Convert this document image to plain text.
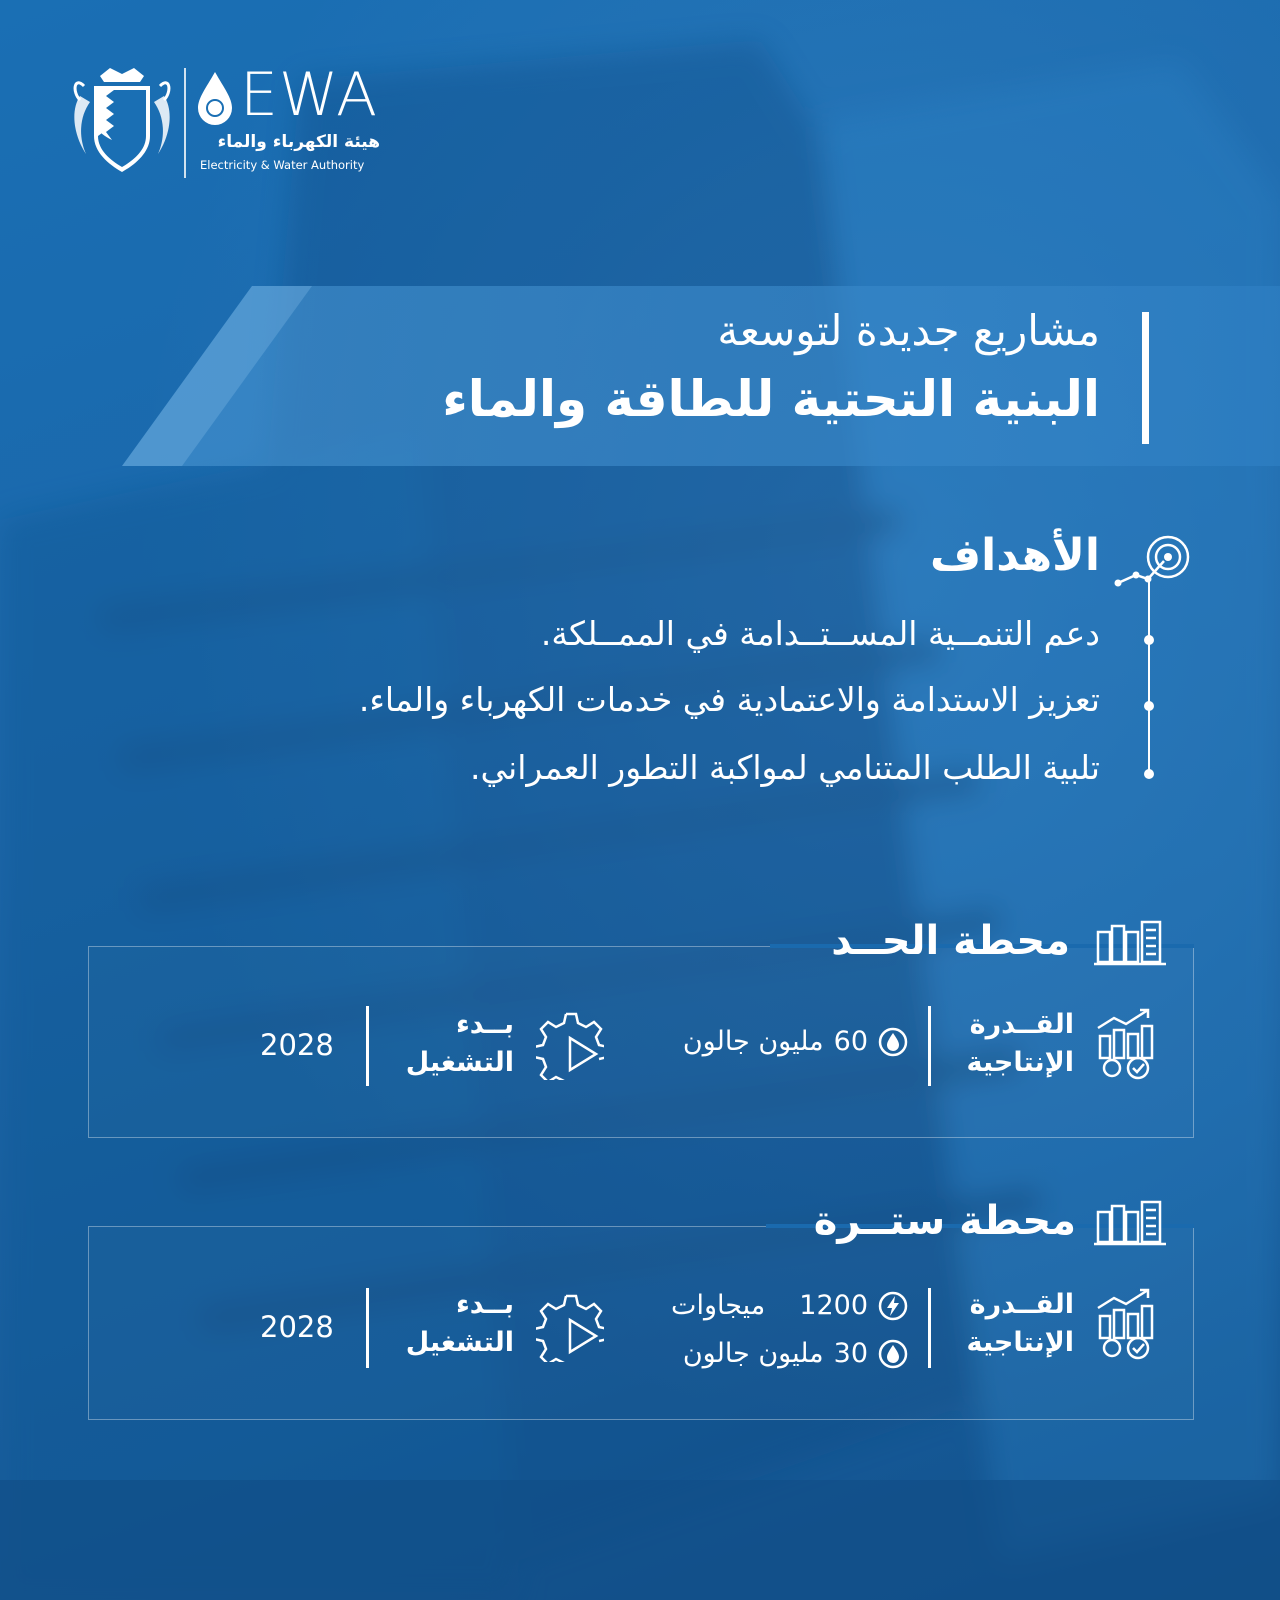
EWA
هيئة الكهرباء والماء
Electricity & Water Authority
مشاريع جديدة لتوسعة
البنية التحتية للطاقة والماء
الأهداف
دعم التنمــية المســتــدامة في الممــلكة.
تعزيز الاستدامة والاعتمادية في خدمات الكهرباء والماء.
تلبية الطلب المتنامي لمواكبة التطور العمراني.
محطة الحــد
القــدرة
الإنتاجية
60
مليون جالون
بــدء
التشغيل
2028
محطة ستــرة
القــدرة
الإنتاجية
1200
ميجاوات
30
مليون جالون
بــدء
التشغيل
2028
